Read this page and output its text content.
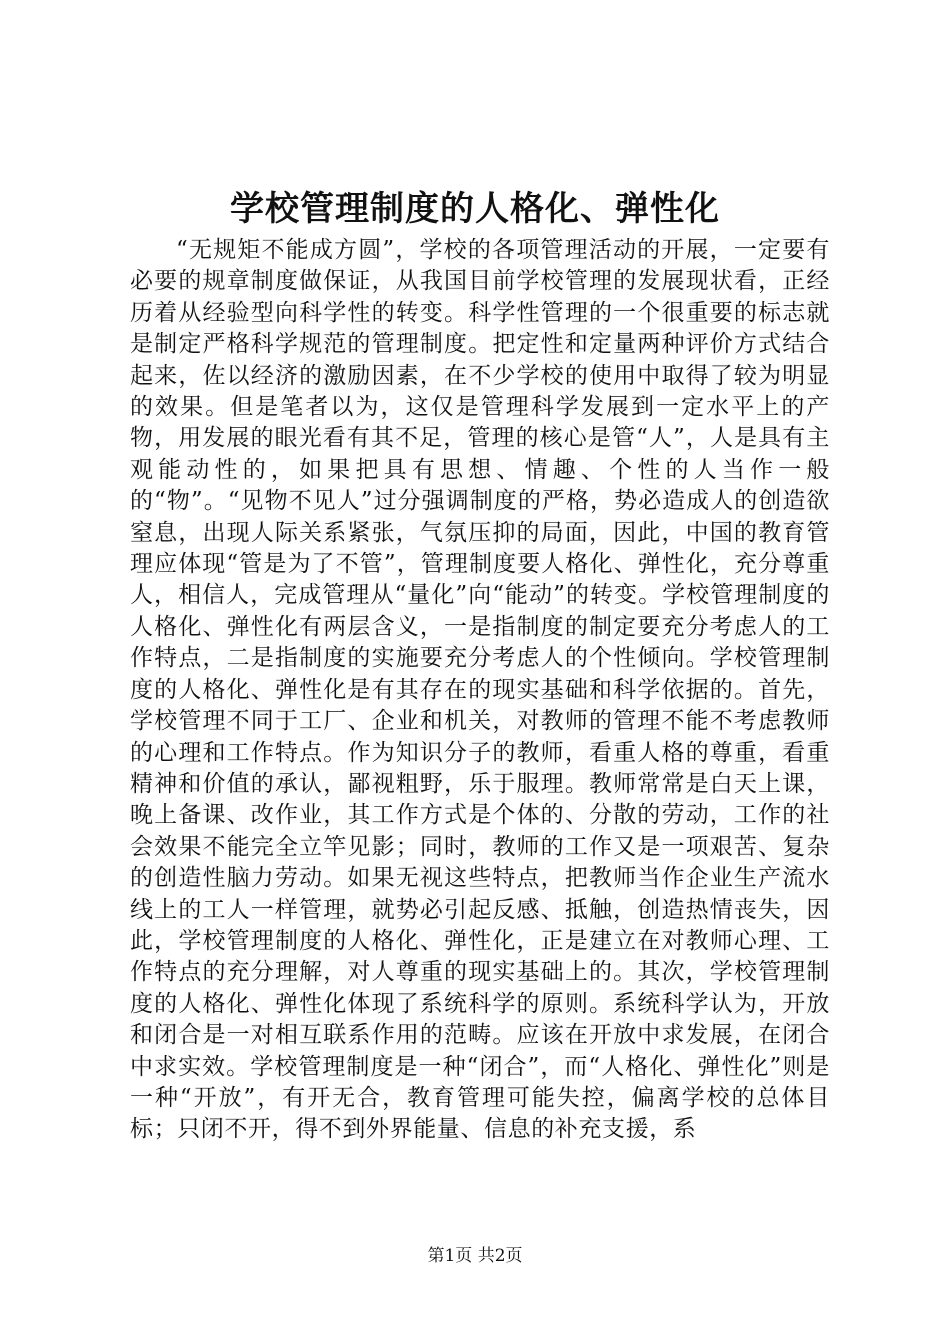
学校管理制度的人格化、弹性化

“无规矩不能成方圆”，学校的各项管理活动的开展，一定要有必要的规章制度做保证，从我国目前学校管理的发展现状看，正经历着从经验型向科学性的转变。科学性管理的一个很重要的标志就是制定严格科学规范的管理制度。把定性和定量两种评价方式结合起来，佐以经济的激励因素，在不少学校的使用中取得了较为明显的效果。但是笔者以为，这仅是管理科学发展到一定水平上的产物，用发展的眼光看有其不足，管理的核心是管“人”，人是具有主观能动性的，如果把具有思想、情趣、个性的人当作一般的“物”。“见物不见人”过分强调制度的严格，势必造成人的创造欲窒息，出现人际关系紧张，气氛压抑的局面，因此，中国的教育管理应体现“管是为了不管”，管理制度要人格化、弹性化，充分尊重人，相信人，完成管理从“量化”向“能动”的转变。学校管理制度的人格化、弹性化有两层含义，一是指制度的制定要充分考虑人的工作特点，二是指制度的实施要充分考虑人的个性倾向。学校管理制度的人格化、弹性化是有其存在的现实基础和科学依据的。首先，学校管理不同于工厂、企业和机关，对教师的管理不能不考虑教师的心理和工作特点。作为知识分子的教师，看重人格的尊重，看重精神和价值的承认，鄙视粗野，乐于服理。教师常常是白天上课，晚上备课、改作业，其工作方式是个体的、分散的劳动，工作的社会效果不能完全立竿见影；同时，教师的工作又是一项艰苦、复杂的创造性脑力劳动。如果无视这些特点，把教师当作企业生产流水线上的工人一样管理，就势必引起反感、抵触，创造热情丧失，因此，学校管理制度的人格化、弹性化，正是建立在对教师心理、工作特点的充分理解，对人尊重的现实基础上的。其次，学校管理制度的人格化、弹性化体现了系统科学的原则。系统科学认为，开放和闭合是一对相互联系作用的范畴。应该在开放中求发展，在闭合中求实效。学校管理制度是一种“闭合”，而“人格化、弹性化”则是一种“开放”，有开无合，教育管理可能失控，偏离学校的总体目标；只闭不开，得不到外界能量、信息的补充支援，系

第1页 共2页
